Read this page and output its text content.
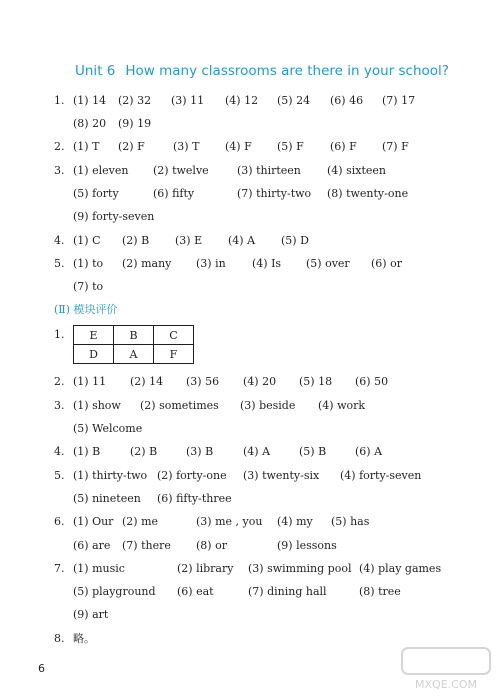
Unit 6 How many classrooms are there in your school?
1. (1) 14 (2) 32 (3) 11 (4) 12 (5) 24 (6) 46 (7) 17
(8) 20 (9) 19
2. (1) T (2) F	(3) T (4) F (5) F (6) F (7) F
3. (1) eleven (2) twelve	(3) thirteen (4) sixteen
(5) forty	(6) fifty	(7) thirty-two (8) twenty-one
(9) forty-seven
4. (1) C (2) B (3) E (4) A (5) D
5. (1) to (2) many (3) in (4) Is (5) over (6) or
(7) to
2. (1) 11 (2) 14 (3) 56 (4) 20 (5) 18 (6) 50
3. (1) show (2) sometimes (3) beside (4) work
(5) Welcome
4. (1) B	(2) B	(3) B	(4) A	(5) B	(6) A
5. (1) thirty-two (2) forty-one (3) twenty-six (4) forty-seven
(5) nineteen (6) fifty-three
6. (1) Our (2) me	(3) me , you (4) my (5) has
(6) are (7) there (8) or	(9) lessons
7. (1) music	(2) library (3) swimming pool (4) play games
(5) playground (6) eat	(7) dining hall	(8) tree
(9) art
8. 略。
(Ⅱ) 模块评价
1. E	B	C
D	A	F
6
MXQE.COM
